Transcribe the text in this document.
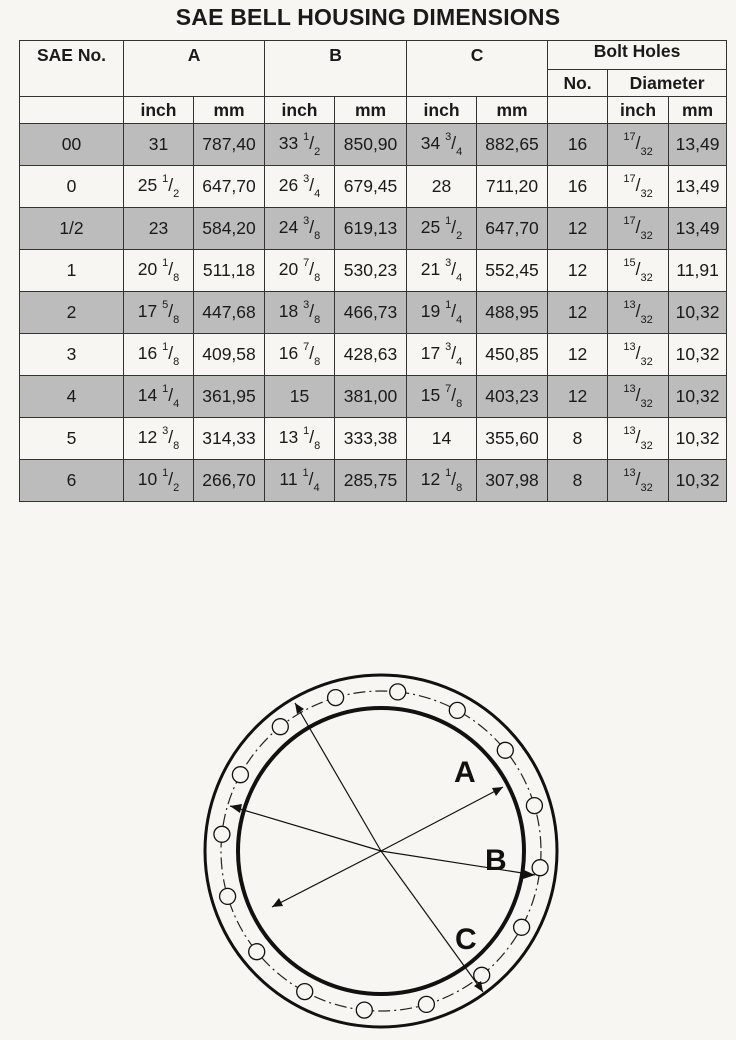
SAE BELL HOUSING DIMENSIONS
SAE No.	A		B		C		Bolt Holes		
							No.	Diameter	
	inch	mm	inch	mm	inch	mm		inch	mm
00	31	787,40	33 $^1/_2$	850,90	34 $^3/_4$	882,65	16	$^{17}/_{32}$	13,49
0	25 $^1/_2$	647,70	26 $^3/_4$	679,45	28	711,20	16	$^{17}/_{32}$	13,49
1/2	23	584,20	24 $^3/_8$	619,13	25 $^1/_2$	647,70	12	$^{17}/_{32}$	13,49
1	20 $^1/_8$	511,18	20 $^7/_8$	530,23	21 $^3/_4$	552,45	12	$^{15}/_{32}$	11,91
2	17 $^5/_8$	447,68	18 $^3/_8$	466,73	19 $^1/_4$	488,95	12	$^{13}/_{32}$	10,32
3	16 $^1/_8$	409,58	16 $^7/_8$	428,63	17 $^3/_4$	450,85	12	$^{13}/_{32}$	10,32
4	14 $^1/_4$	361,95	15	381,00	15 $^7/_8$	403,23	12	$^{13}/_{32}$	10,32
5	12 $^3/_8$	314,33	13 $^1/_8$	333,38	14	355,60	8	$^{13}/_{32}$	10,32
6	10 $^1/_2$	266,70	11 $^1/_4$	285,75	12 $^1/_8$	307,98	8	$^{13}/_{32}$	10,32
A
B
C
